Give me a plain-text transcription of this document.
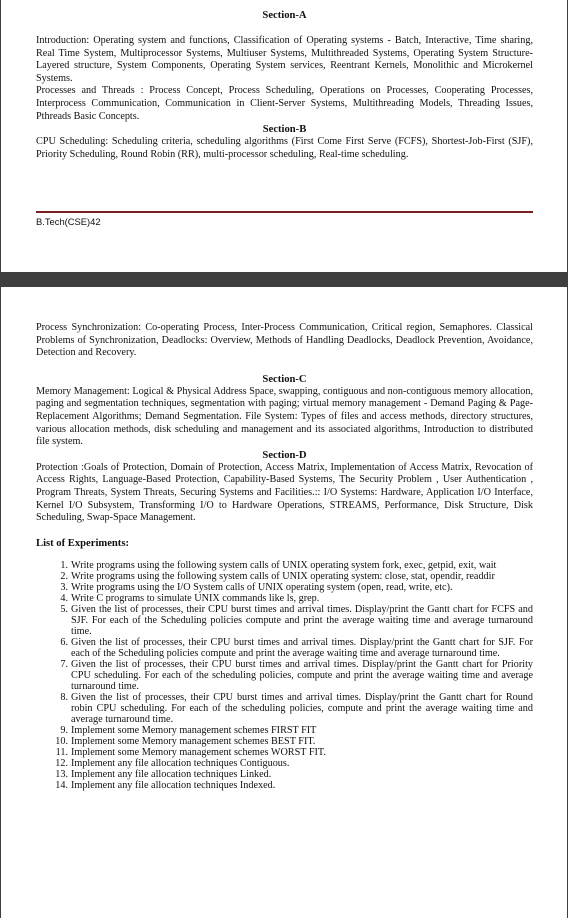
Section-A

Introduction: Operating system and functions, Classification of Operating systems - Batch, Interactive, Time sharing, Real Time System, Multiprocessor Systems, Multiuser Systems, Multithreaded Systems, Operating System Structure- Layered structure, System Components, Operating System services, Reentrant Kernels, Monolithic and Microkernel Systems.

Processes and Threads : Process Concept, Process Scheduling, Operations on Processes, Cooperating Processes, Interprocess Communication, Communication in Client-Server Systems, Multithreading Models, Threading Issues, Pthreads Basic Concepts.

Section-B

CPU Scheduling: Scheduling criteria, scheduling algorithms (First Come First Serve (FCFS), Shortest-Job-First (SJF), Priority Scheduling, Round Robin (RR), multi-processor scheduling, Real-time scheduling.

B.Tech(CSE)42

Process Synchronization: Co-operating Process, Inter-Process Communication, Critical region, Semaphores. Classical Problems of Synchronization, Deadlocks: Overview, Methods of Handling Deadlocks, Deadlock Prevention, Avoidance, Detection and Recovery.

Section-C

Memory Management: Logical & Physical Address Space, swapping, contiguous and non-contiguous memory allocation, paging and segmentation techniques, segmentation with paging; virtual memory management - Demand Paging & Page- Replacement Algorithms; Demand Segmentation. File System: Types of files and access methods, directory structures, various allocation methods, disk scheduling and management and its associated algorithms, Introduction to distributed file system.

Section-D

Protection :Goals of Protection, Domain of Protection, Access Matrix, Implementation of Access Matrix, Revocation of Access Rights, Language-Based Protection, Capability-Based Systems, The Security Problem , User Authentication , Program Threats, System Threats, Securing Systems and Facilities.:: I/O Systems: Hardware, Application I/O Interface, Kernel I/O Subsystem, Transforming I/O to Hardware Operations, STREAMS, Performance, Disk Structure, Disk Scheduling, Swap-Space Management.

List of Experiments:
1. Write programs using the following system calls of UNIX operating system fork, exec, getpid, exit, wait
2. Write programs using the following system calls of UNIX operating system: close, stat, opendir, readdir
3. Write programs using the I/O System calls of UNIX operating system (open, read, write, etc).
4. Write C programs to simulate UNIX commands like ls, grep.
5. Given the list of processes, their CPU burst times and arrival times. Display/print the Gantt chart for FCFS and SJF. For each of the Scheduling policies compute and print the average waiting time and average turnaround time.
6. Given the list of processes, their CPU burst times and arrival times. Display/print the Gantt chart for SJF. For each of the Scheduling policies compute and print the average waiting time and average turnaround time.
7. Given the list of processes, their CPU burst times and arrival times. Display/print the Gantt chart for Priority CPU scheduling. For each of the scheduling policies, compute and print the average waiting time and average turnaround time.
8. Given the list of processes, their CPU burst times and arrival times. Display/print the Gantt chart for Round robin CPU scheduling. For each of the scheduling policies, compute and print the average waiting time and average turnaround time.
9. Implement some Memory management schemes FIRST FIT
10. Implement some Memory management schemes BEST FIT.
11. Implement some Memory management schemes WORST FIT.
12. Implement any file allocation techniques Contiguous.
13. Implement any file allocation techniques Linked.
14. Implement any file allocation techniques Indexed.
